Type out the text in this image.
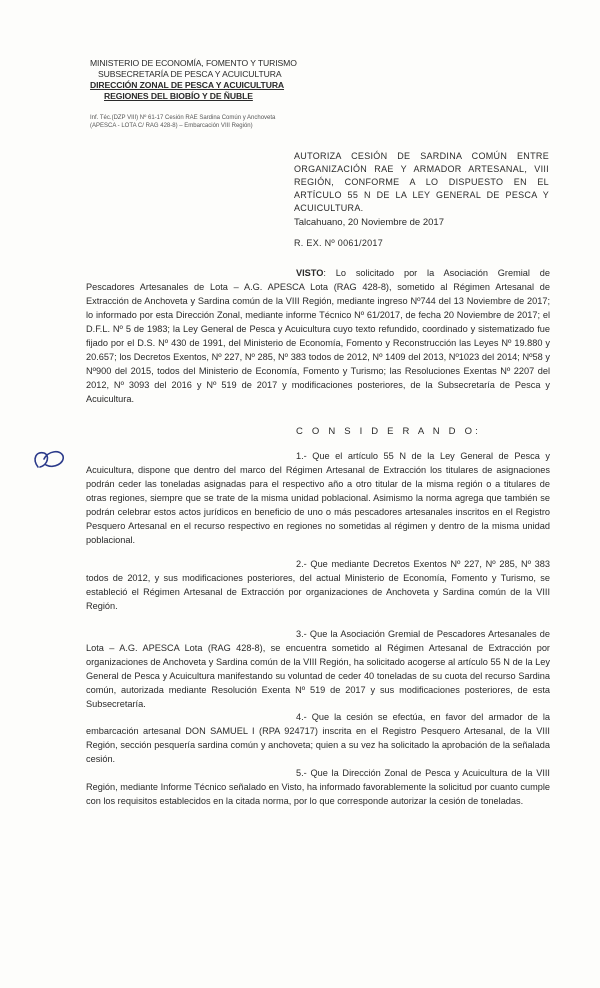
MINISTERIO DE ECONOMÍA, FOMENTO Y TURISMO
SUBSECRETARÍA DE PESCA Y ACUICULTURA
DIRECCIÓN ZONAL DE PESCA Y ACUICULTURA
REGIONES DEL BIOBÍO Y DE ÑUBLE
Inf. Téc.(DZP VIII) Nº 61-17 Cesión RAE Sardina Común y Anchoveta
(APESCA - LOTA C/ RAG 428-8) – Embarcación VIII Región)
AUTORIZA CESIÓN DE SARDINA COMÚN ENTRE ORGANIZACIÓN RAE Y ARMADOR ARTESANAL, VIII REGIÓN, CONFORME A LO DISPUESTO EN EL ARTÍCULO 55 N DE LA LEY GENERAL DE PESCA Y ACUICULTURA.
Talcahuano, 20 Noviembre de 2017
R. EX. Nº 0061/2017

VISTO: Lo solicitado por la Asociación Gremial de Pescadores Artesanales de Lota – A.G. APESCA Lota (RAG 428-8), sometido al Régimen Artesanal de Extracción de Anchoveta y Sardina común de la VIII Región, mediante ingreso Nº744 del 13 Noviembre de 2017; lo informado por esta Dirección Zonal, mediante informe Técnico Nº 61/2017, de fecha 20 Noviembre de 2017; el D.F.L. Nº 5 de 1983; la Ley General de Pesca y Acuicultura cuyo texto refundido, coordinado y sistematizado fue fijado por el D.S. Nº 430 de 1991, del Ministerio de Economía, Fomento y Reconstrucción las Leyes Nº 19.880 y 20.657; los Decretos Exentos, Nº 227, Nº 285, Nº 383 todos de 2012, Nº 1409 del 2013, Nº1023 del 2014; Nº58 y Nº900 del 2015, todos del Ministerio de Economía, Fomento y Turismo; las Resoluciones Exentas Nº 2207 del 2012, Nº 3093 del 2016 y Nº 519 de 2017 y modificaciones posteriores, de la Subsecretaría de Pesca y Acuicultura.

C O N S I D E R A N D O:

1.- Que el artículo 55 N de la Ley General de Pesca y Acuicultura, dispone que dentro del marco del Régimen Artesanal de Extracción los titulares de asignaciones podrán ceder las toneladas asignadas para el respectivo año a otro titular de la misma región o a titulares de otras regiones, siempre que se trate de la misma unidad poblacional. Asimismo la norma agrega que también se podrán celebrar estos actos jurídicos en beneficio de uno o más pescadores artesanales inscritos en el Registro Pesquero Artesanal en el recurso respectivo en regiones no sometidas al régimen y dentro de la misma unidad poblacional.

2.- Que mediante Decretos Exentos Nº 227, Nº 285, Nº 383 todos de 2012, y sus modificaciones posteriores, del actual Ministerio de Economía, Fomento y Turismo, se estableció el Régimen Artesanal de Extracción por organizaciones de Anchoveta y Sardina común de la VIII Región.

3.- Que la Asociación Gremial de Pescadores Artesanales de Lota – A.G. APESCA Lota (RAG 428-8), se encuentra sometido al Régimen Artesanal de Extracción por organizaciones de Anchoveta y Sardina común de la VIII Región, ha solicitado acogerse al artículo 55 N de la Ley General de Pesca y Acuicultura manifestando su voluntad de ceder 40 toneladas de su cuota del recurso Sardina común, autorizada mediante Resolución Exenta Nº 519 de 2017 y sus modificaciones posteriores, de esta Subsecretaría.

4.- Que la cesión se efectúa, en favor del armador de la embarcación artesanal DON SAMUEL I (RPA 924717) inscrita en el Registro Pesquero Artesanal, de la VIII Región, sección pesquería sardina común y anchoveta; quien a su vez ha solicitado la aprobación de la señalada cesión.

5.- Que la Dirección Zonal de Pesca y Acuicultura de la VIII Región, mediante Informe Técnico señalado en Visto, ha informado favorablemente la solicitud por cuanto cumple con los requisitos establecidos en la citada norma, por lo que corresponde autorizar la cesión de toneladas.
